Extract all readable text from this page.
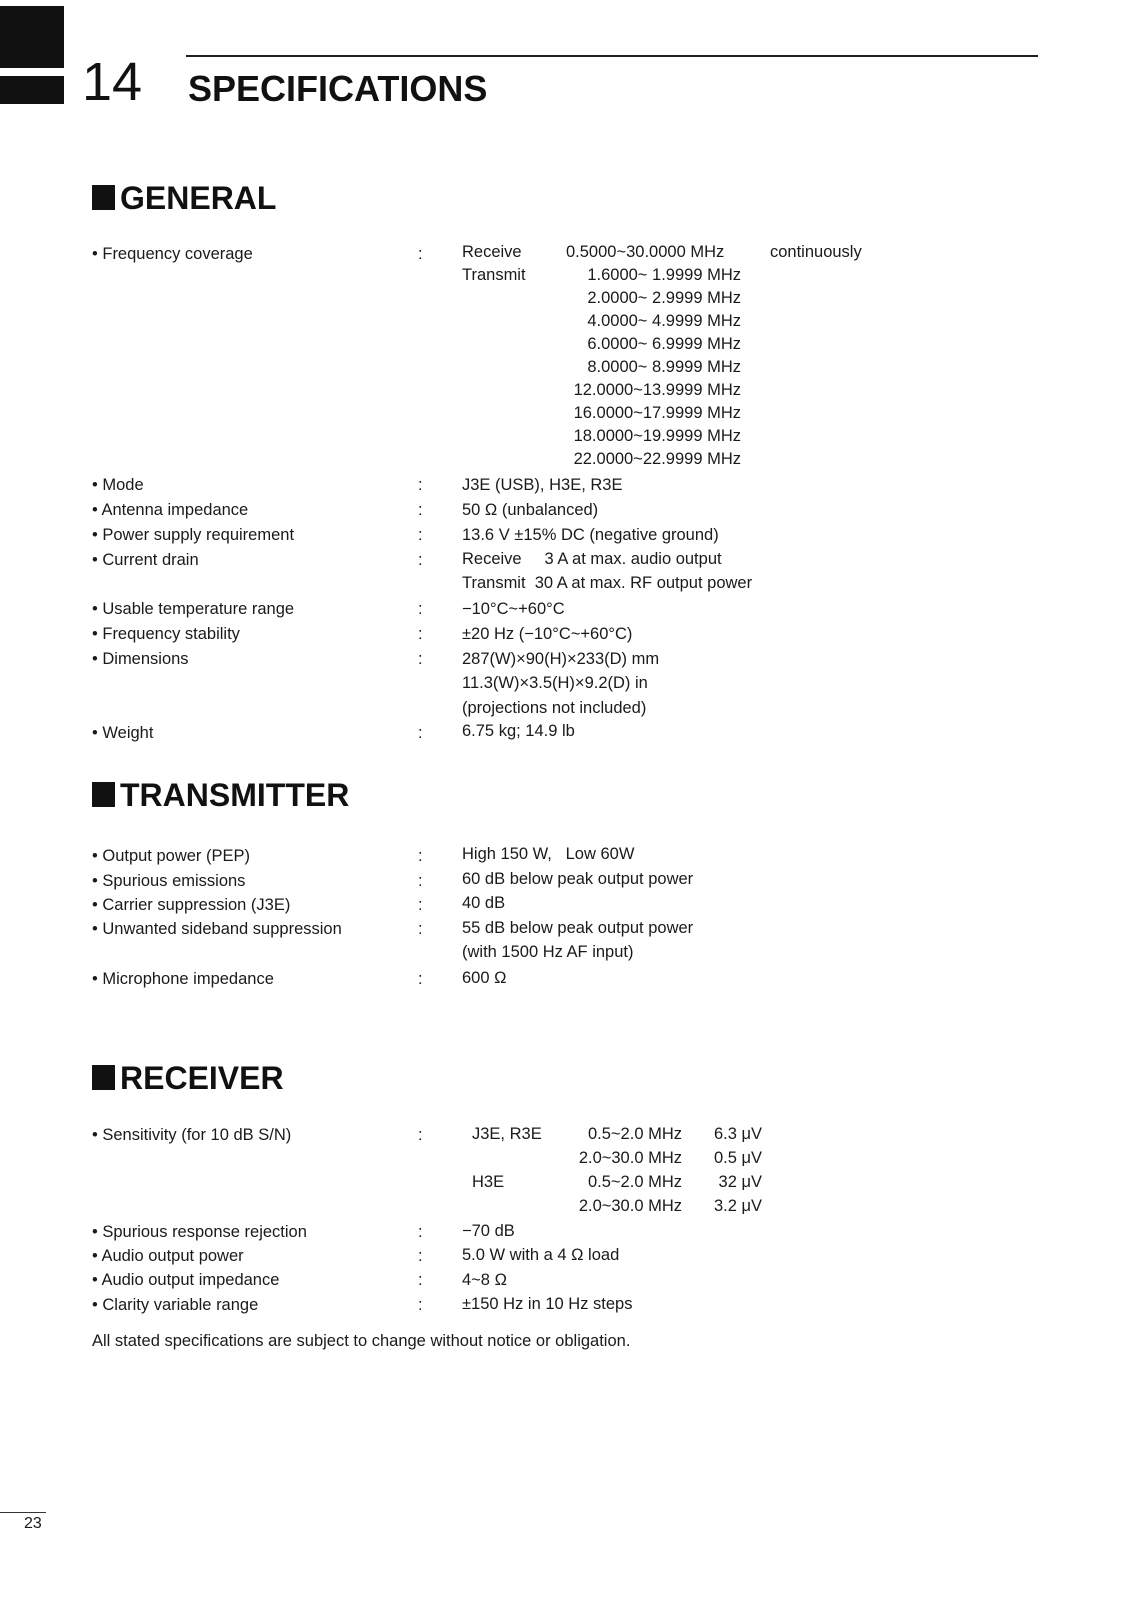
14 SPECIFICATIONS
GENERAL
• Frequency coverage	: Receive	0.5000~30.0000 MHz	continuously
Transmit	1.6000~ 1.9999 MHz
2.0000~ 2.9999 MHz
4.0000~ 4.9999 MHz
6.0000~ 6.9999 MHz
8.0000~ 8.9999 MHz
12.0000~13.9999 MHz
16.0000~17.9999 MHz
18.0000~19.9999 MHz
22.0000~22.9999 MHz
• Mode	: J3E (USB), H3E, R3E
• Antenna impedance	: 50 Ω (unbalanced)
• Power supply requirement	: 13.6 V ±15% DC (negative ground)
• Current drain	: Receive     3 A at max. audio output
Transmit  30 A at max. RF output power
• Usable temperature range	: −10°C~+60°C
• Frequency stability	: ±20 Hz (−10°C~+60°C)
• Dimensions	: 287(W)×90(H)×233(D) mm
11.3(W)×3.5(H)×9.2(D) in
(projections not included)
• Weight	: 6.75 kg; 14.9 lb
TRANSMITTER
• Output power (PEP)	: High 150 W,   Low 60W
• Spurious emissions	: 60 dB below peak output power
• Carrier suppression (J3E)	: 40 dB
• Unwanted sideband suppression	: 55 dB below peak output power
(with 1500 Hz AF input)
• Microphone impedance	: 600 Ω
RECEIVER
• Sensitivity (for 10 dB S/N)	:	J3E, R3E	0.5~2.0 MHz	6.3 μV
2.0~30.0 MHz	0.5 μV
H3E	0.5~2.0 MHz	32 μV
2.0~30.0 MHz	3.2 μV
• Spurious response rejection	: −70 dB
• Audio output power	: 5.0 W with a 4 Ω load
• Audio output impedance	: 4~8 Ω
• Clarity variable range	: ±150 Hz in 10 Hz steps
All stated specifications are subject to change without notice or obligation.
23
